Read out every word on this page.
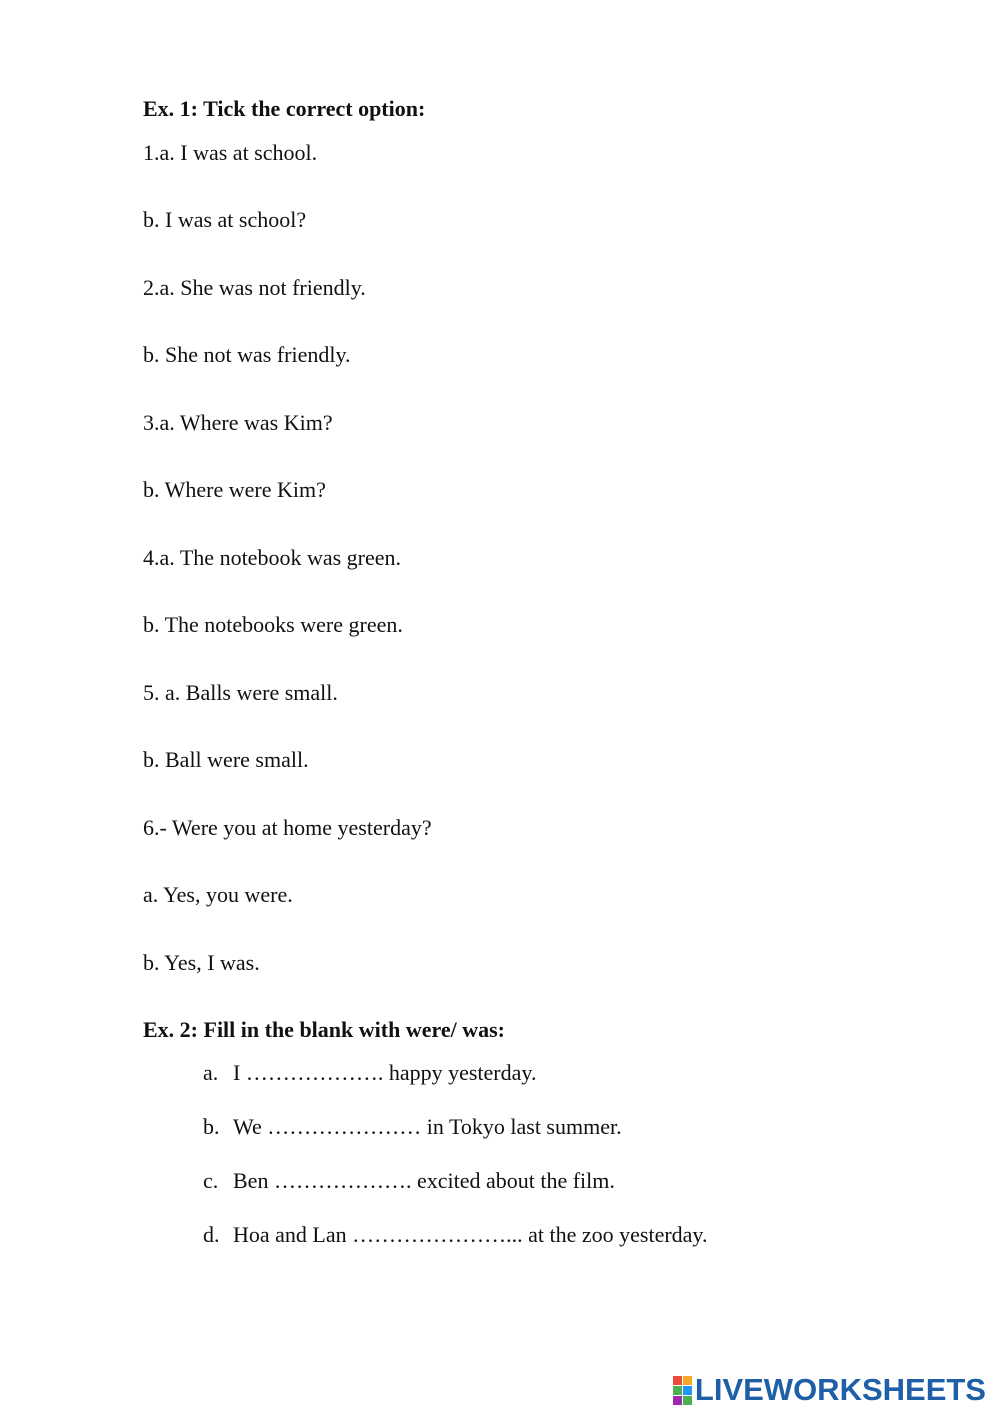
Ex. 1: Tick the correct option:
1.a. I was at school.
b. I was at school?
2.a. She was not friendly.
b. She not was friendly.
3.a. Where was Kim?
b. Where were Kim?
4.a. The notebook was green.
b. The notebooks were green.
5. a. Balls were small.
b. Ball were small.
6.- Were you at home yesterday?
a. Yes, you were.
b. Yes, I was.
Ex. 2: Fill in the blank with were/ was:
a. I ………………. happy yesterday.
b. We ………………… in Tokyo last summer.
c. Ben ………………. excited about the film.
d. Hoa and Lan …………………... at the zoo yesterday.
LIVEWORKSHEETS
